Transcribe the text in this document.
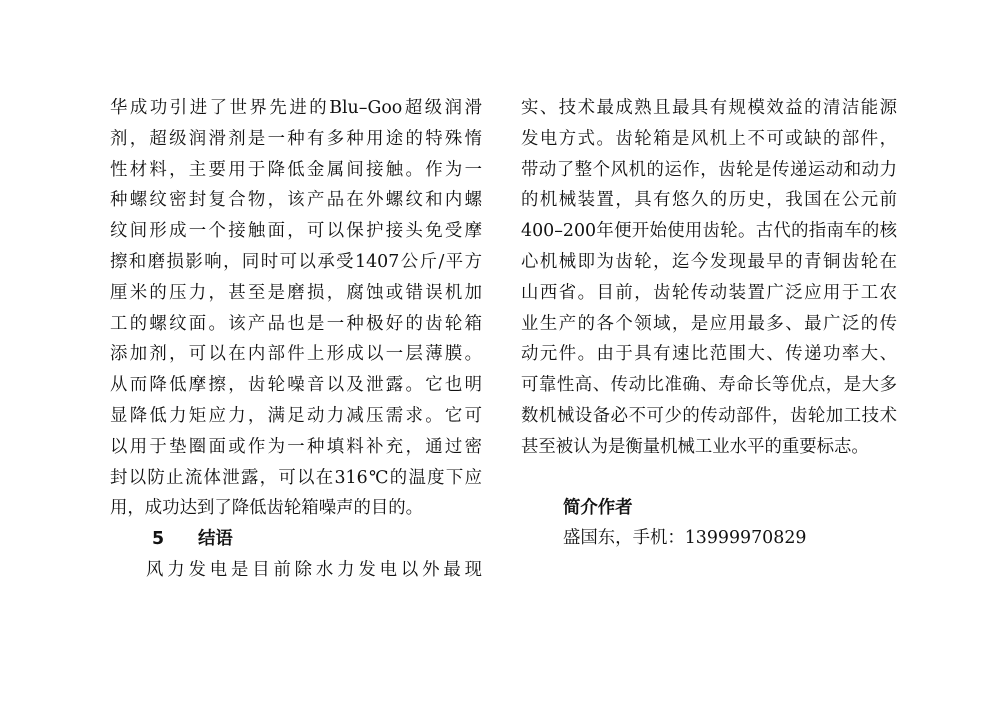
华成功引进了世界先进的Blu–Goo超级润滑
剂，超级润滑剂是一种有多种用途的特殊惰
性材料，主要用于降低金属间接触。作为一
种螺纹密封复合物，该产品在外螺纹和内螺
纹间形成一个接触面，可以保护接头免受摩
擦和磨损影响，同时可以承受1407公斤/平方
厘米的压力，甚至是磨损，腐蚀或错误机加
工的螺纹面。该产品也是一种极好的齿轮箱
添加剂，可以在内部件上形成以一层薄膜。
从而降低摩擦，齿轮噪音以及泄露。它也明
显降低力矩应力，满足动力减压需求。它可
以用于垫圈面或作为一种填料补充，通过密
封以防止流体泄露，可以在316℃的温度下应
用，成功达到了降低齿轮箱噪声的目的。
5 结语
风力发电是目前除水力发电以外最现
实、技术最成熟且最具有规模效益的清洁能源
发电方式。齿轮箱是风机上不可或缺的部件，
带动了整个风机的运作，齿轮是传递运动和动力
的机械装置，具有悠久的历史，我国在公元前
400–200年便开始使用齿轮。古代的指南车的核
心机械即为齿轮，迄今发现最早的青铜齿轮在
山西省。目前，齿轮传动装置广泛应用于工农
业生产的各个领域，是应用最多、最广泛的传
动元件。由于具有速比范围大、传递功率大、
可靠性高、传动比准确、寿命长等优点，是大多
数机械设备必不可少的传动部件，齿轮加工技术
甚至被认为是衡量机械工业水平的重要标志。
简介作者
盛国东，手机：13999970829
